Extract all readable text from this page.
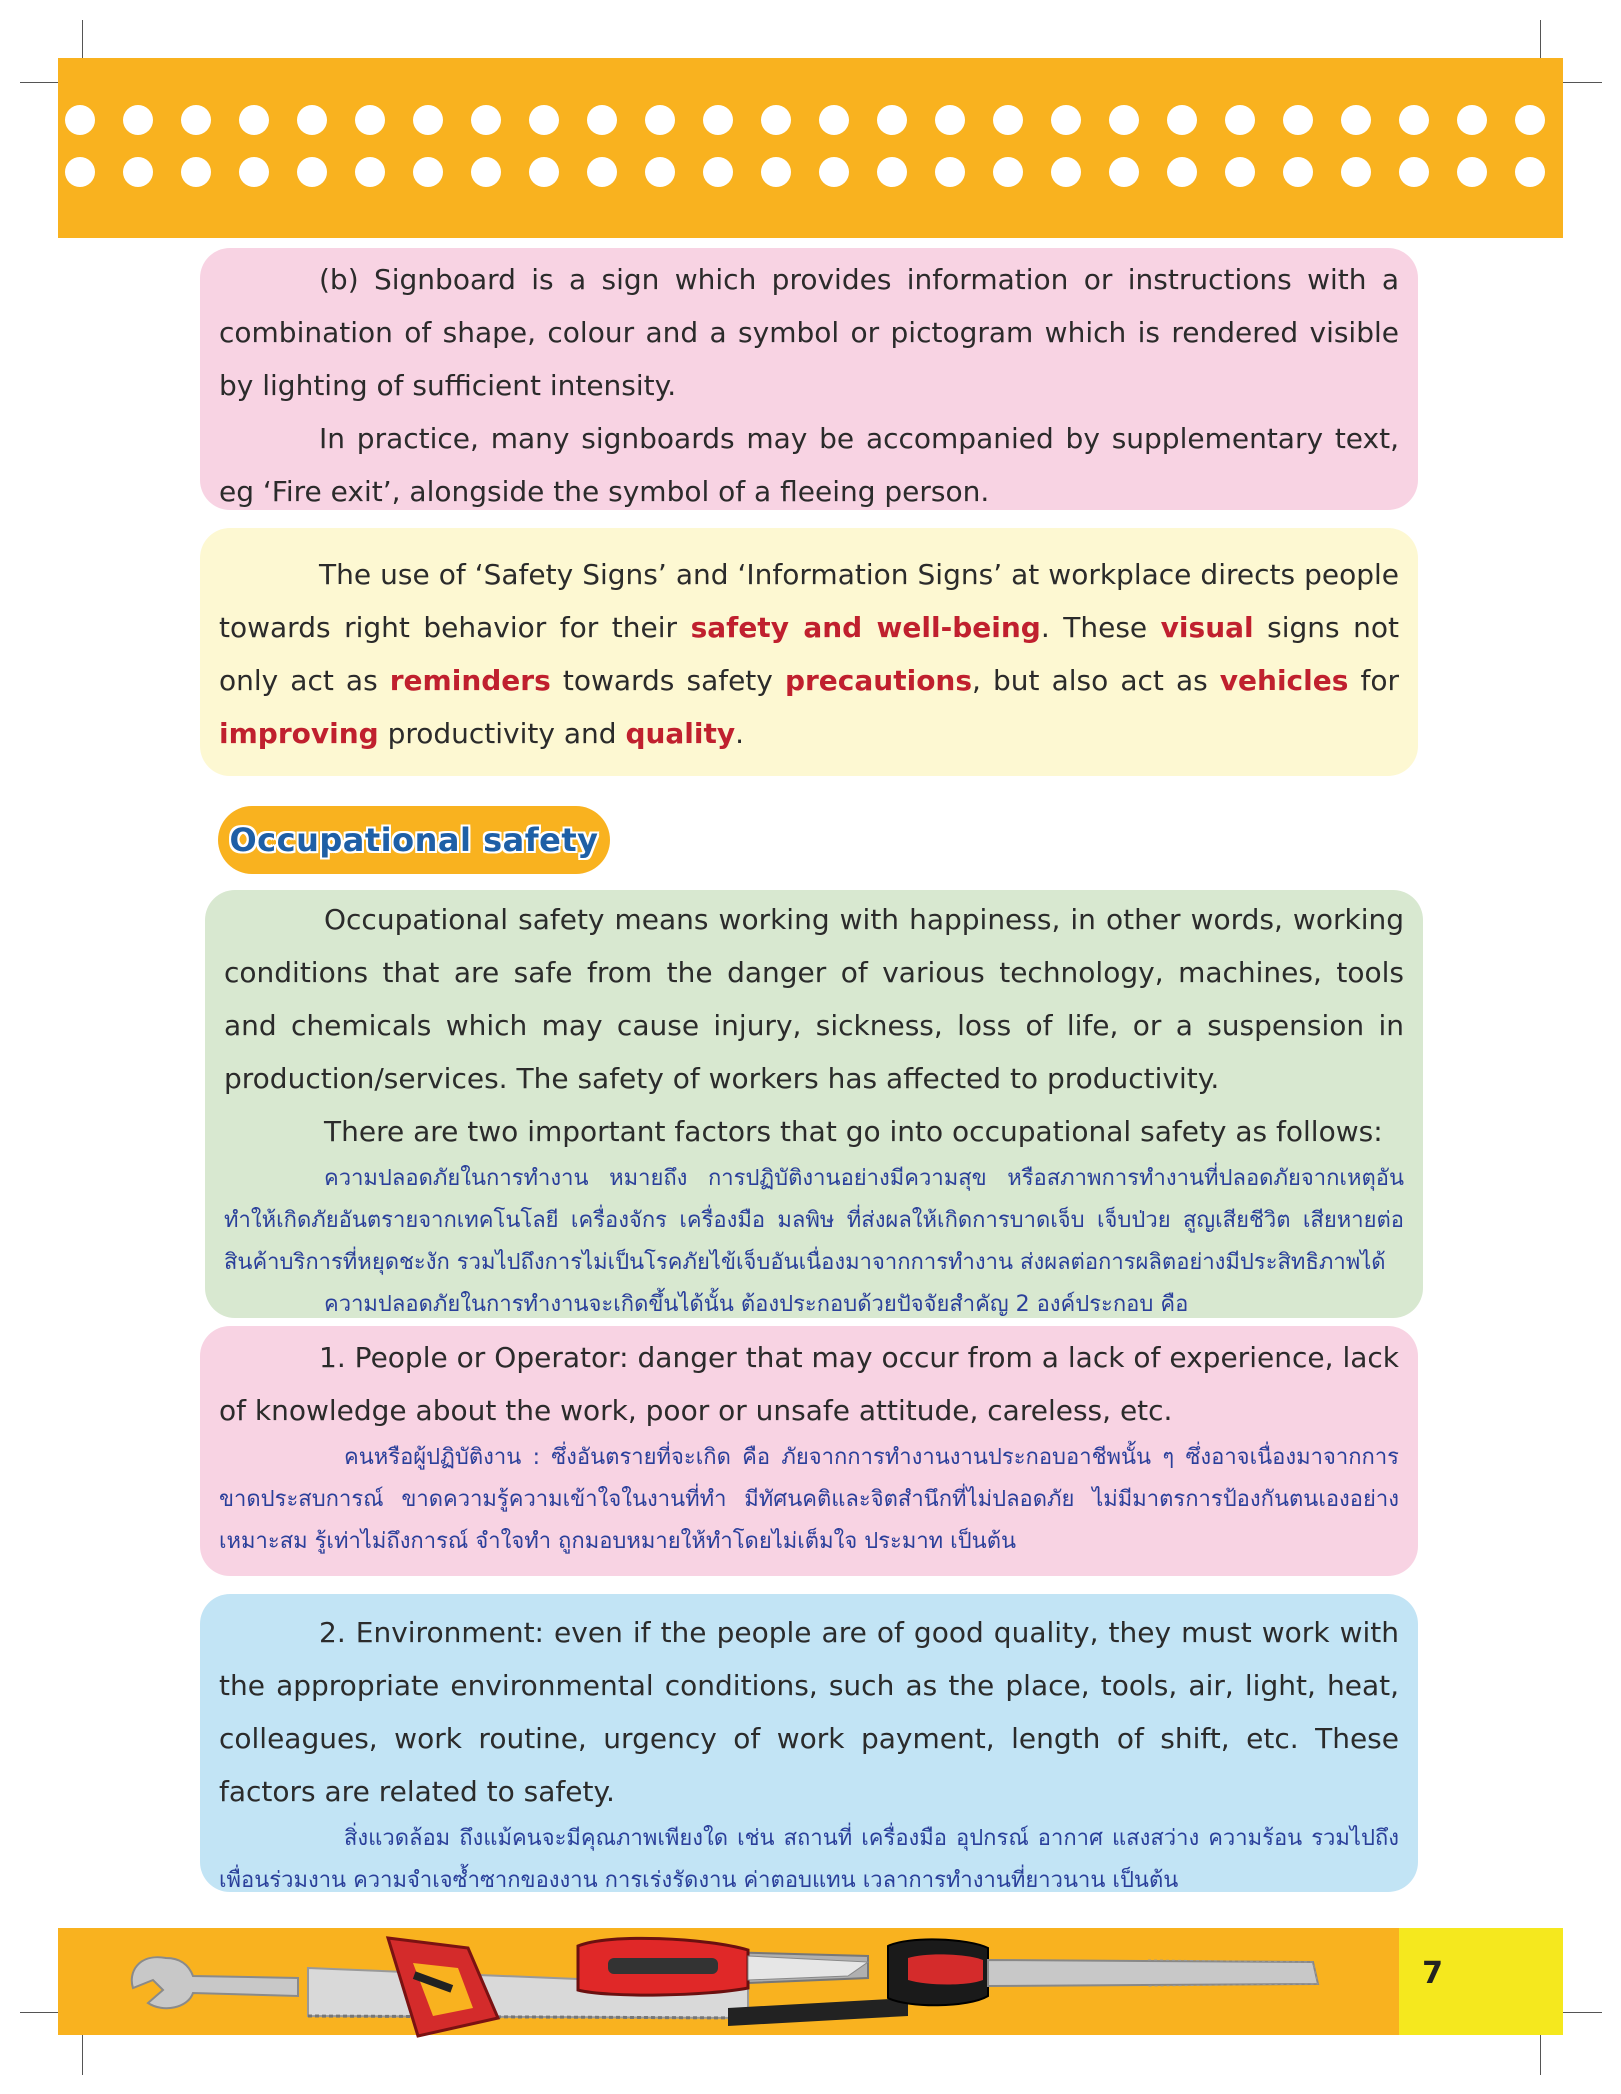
(b) Signboard is a sign which provides information or instructions with a combination of shape, colour and a symbol or pictogram which is rendered visible by lighting of sufficient intensity.

In practice, many signboards may be accompanied by supplementary text, eg ‘Fire exit’, alongside the symbol of a fleeing person.

The use of ‘Safety Signs’ and ‘Information Signs’ at workplace directs people towards right behavior for their safety and well-being. These visual signs not only act as reminders towards safety precautions, but also act as vehicles for improving productivity and quality.

Occupational safety

Occupational safety means working with happiness, in other words, working conditions that are safe from the danger of various technology, machines, tools and chemicals which may cause injury, sickness, loss of life, or a suspension in production/services. The safety of workers has affected to productivity.

There are two important factors that go into occupational safety as follows:

ความปลอดภัยในการทำงาน หมายถึง การปฏิบัติงานอย่างมีความสุข หรือสภาพการทำงานที่ปลอดภัยจากเหตุอันทำให้เกิดภัยอันตรายจากเทคโนโลยี เครื่องจักร เครื่องมือ มลพิษ ที่ส่งผลให้เกิดการบาดเจ็บ เจ็บป่วย สูญเสียชีวิต เสียหายต่อสินค้าบริการที่หยุดชะงัก รวมไปถึงการไม่เป็นโรคภัยไข้เจ็บอันเนื่องมาจากการทำงาน ส่งผลต่อการผลิตอย่างมีประสิทธิภาพได้

ความปลอดภัยในการทำงานจะเกิดขึ้นได้นั้น ต้องประกอบด้วยปัจจัยสำคัญ 2 องค์ประกอบ คือ

1. People or Operator: danger that may occur from a lack of experience, lack of knowledge about the work, poor or unsafe attitude, careless, etc.

คนหรือผู้ปฏิบัติงาน : ซึ่งอันตรายที่จะเกิด คือ ภัยจากการทำงานงานประกอบอาชีพนั้น ๆ ซึ่งอาจเนื่องมาจากการขาดประสบการณ์ ขาดความรู้ความเข้าใจในงานที่ทำ มีทัศนคติและจิตสำนึกที่ไม่ปลอดภัย ไม่มีมาตรการป้องกันตนเองอย่างเหมาะสม รู้เท่าไม่ถึงการณ์ จำใจทำ ถูกมอบหมายให้ทำโดยไม่เต็มใจ ประมาท เป็นต้น

2. Environment: even if the people are of good quality, they must work with the appropriate environmental conditions, such as the place, tools, air, light, heat, colleagues, work routine, urgency of work payment, length of shift, etc. These factors are related to safety.

สิ่งแวดล้อม ถึงแม้คนจะมีคุณภาพเพียงใด เช่น สถานที่ เครื่องมือ อุปกรณ์ อากาศ แสงสว่าง ความร้อน รวมไปถึงเพื่อนร่วมงาน ความจำเจซ้ำซากของงาน การเร่งรัดงาน ค่าตอบแทน เวลาการทำงานที่ยาวนาน เป็นต้น

7
